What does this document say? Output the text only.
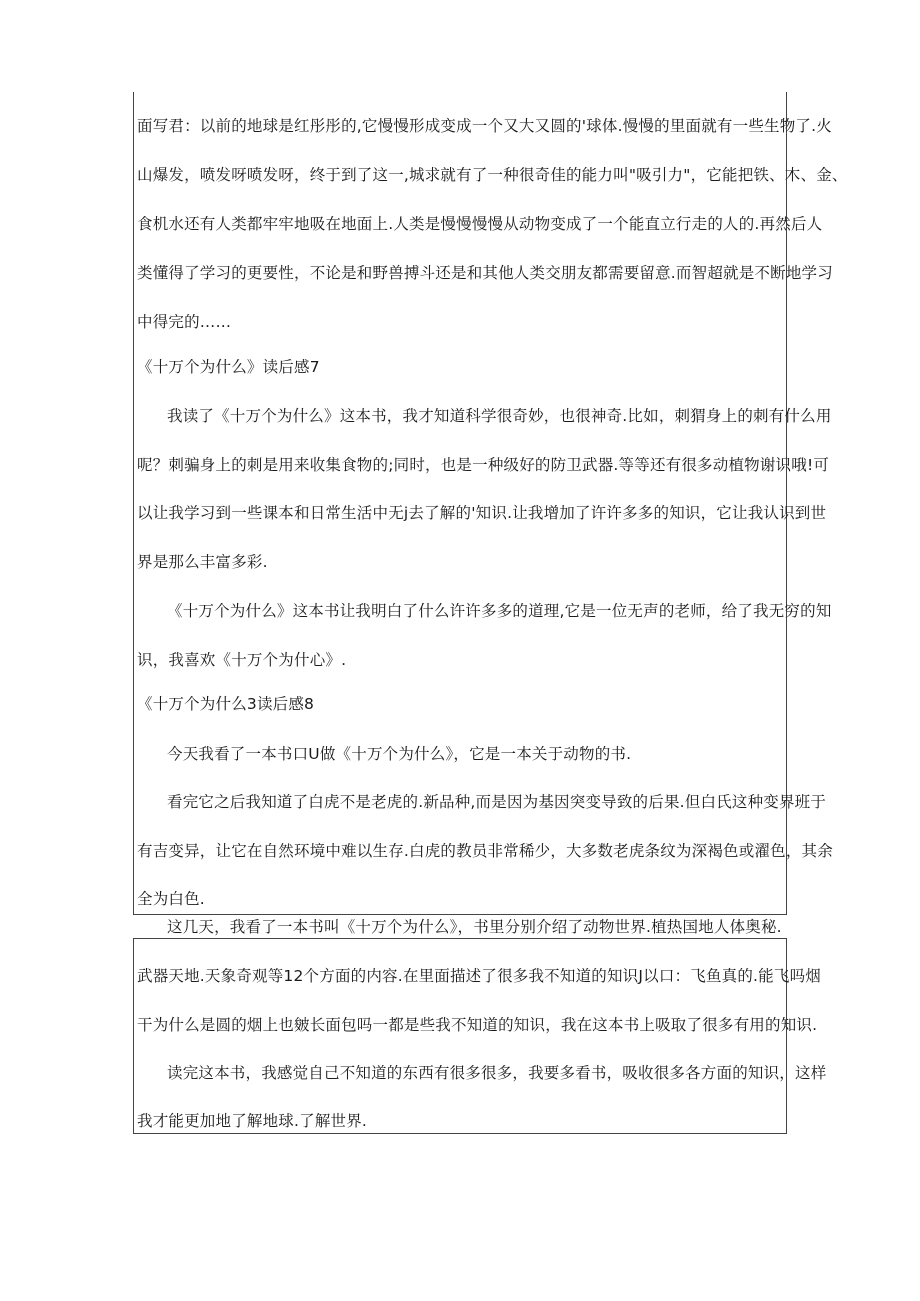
面写君：以前的地球是红彤彤的,它慢慢形成变成一个又大又圆的'球体.慢慢的里面就有一些生物了.火
山爆发，喷发呀喷发呀，终于到了这一,城求就有了一种很奇佳的能力叫"吸引力"，它能把铁、木、金、
食机水还有人类都牢牢地吸在地面上.人类是慢慢慢慢从动物变成了一个能直立行走的人的.再然后人
类懂得了学习的更要性，不论是和野兽搏斗还是和其他人类交朋友都需要留意.而智超就是不断地学习
中得完的……
《十万个为什么》读后感7
我读了《十万个为什么》这本书，我才知道科学很奇妙，也很神奇.比如，刺猬身上的刺有什么用
呢？刺骗身上的刺是用来收集食物的;同时，也是一种级好的防卫武器.等等还有很多动植物谢识哦!可
以让我学习到一些课本和日常生活中无j去了解的'知识.让我增加了许许多多的知识，它让我认识到世
界是那么丰富多彩.
《十万个为什么》这本书让我明白了什么许许多多的道理,它是一位无声的老师，给了我无穷的知
识，我喜欢《十万个为什心》.
《十万个为什么3读后感8
今天我看了一本书口U做《十万个为什么》，它是一本关于动物的书.
看完它之后我知道了白虎不是老虎的.新品种,而是因为基因突变导致的后果.但白氏这种变界班于
有吉变异，让它在自然环境中难以生存.白虎的教员非常稀少，大多数老虎条纹为深褐色或濯色，其余
全为白色.
这几天，我看了一本书叫《十万个为什么》，书里分别介绍了动物世界.植热国地人体奥秘.
武器天地.天象奇观等12个方面的内容.在里面描述了很多我不知道的知识J以口：飞鱼真的.能飞吗烟
干为什么是圆的烟上也皴长面包吗一都是些我不知道的知识，我在这本书上吸取了很多有用的知识.
读完这本书，我感觉自己不知道的东西有很多很多，我要多看书，吸收很多各方面的知识，这样
我才能更加地了解地球.了解世界.
